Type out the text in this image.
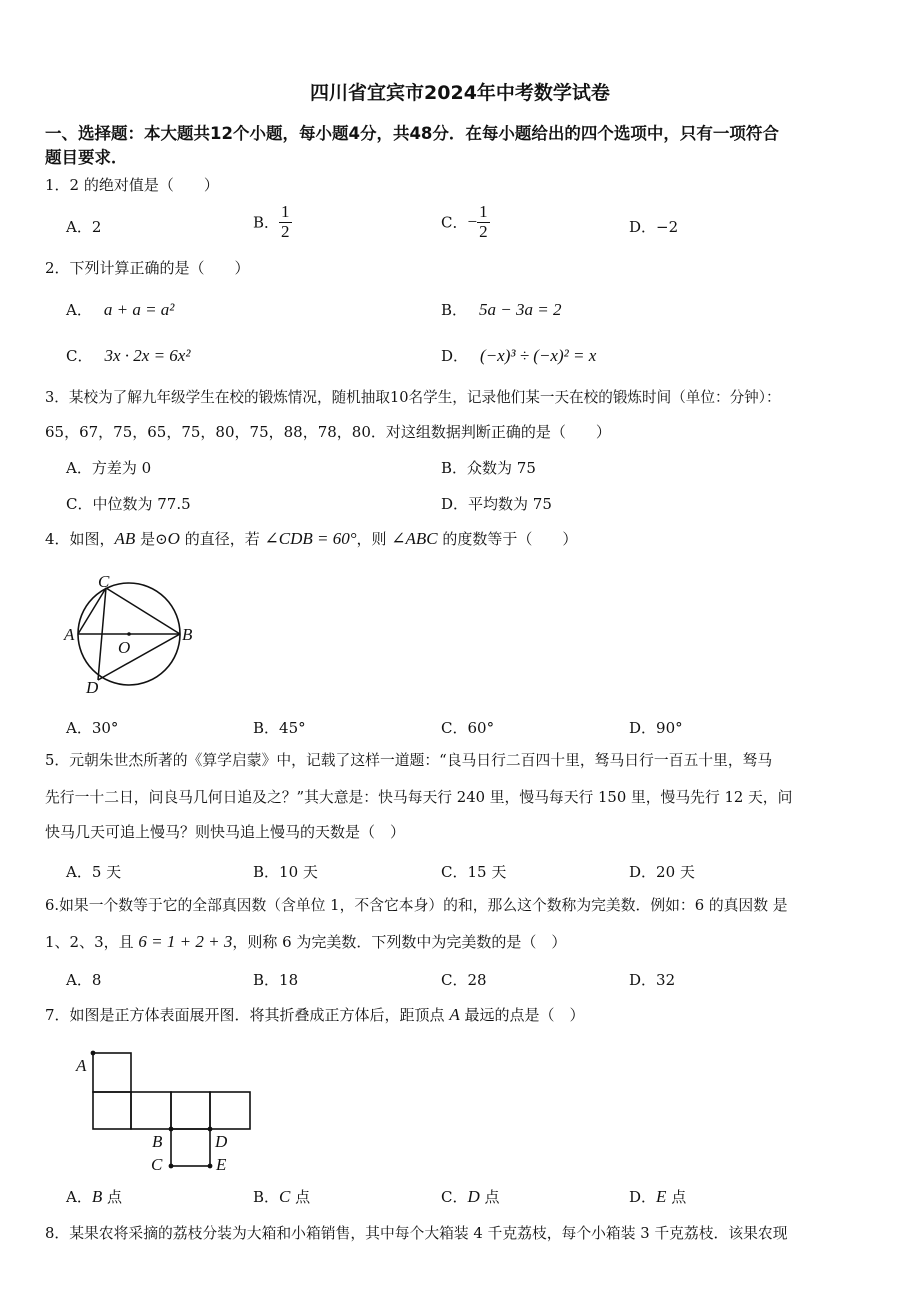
四川省宜宾市2024年中考数学试卷
一、选择题：本大题共12个小题，每小题4分，共48分．在每小题给出的四个选项中，只有一项符合
题目要求．
1．2 的绝对值是（　　）
A．2	B． $\frac{1}{2}$	C．− $\frac{1}{2}$	D．−2
2．下列计算正确的是（　　）
A． a + a = a²	B． 5a − 3a = 2
C． 3x · 2x = 6x²	D． (−x)³ ÷ (−x)² = x
3．某校为了解九年级学生在校的锻炼情况，随机抽取10名学生，记录他们某一天在校的锻炼时间（单位：分钟）：
65，67，75，65，75，80，75，88，78，80．对这组数据判断正确的是（　　）
A．方差为 0	B．众数为 75
C．中位数为 77.5	D．平均数为 75
4．如图，AB 是⊙O 的直径，若 ∠CDB = 60°，则 ∠ABC 的度数等于（　　）
A	B
C
D
O
A．30°	B．45°	C．60°	D．90°
5．元朝朱世杰所著的《算学启蒙》中，记载了这样一道题：“良马日行二百四十里，驽马日行一百五十里，驽马
先行一十二日，问良马几何日追及之？”其大意是：快马每天行 240 里，慢马每天行 150 里，慢马先行 12 天，问
快马几天可追上慢马？则快马追上慢马的天数是（　）
A．5 天	B．10 天	C．15 天	D．20 天
6.如果一个数等于它的全部真因数（含单位 1，不含它本身）的和，那么这个数称为完美数．例如：6 的真因数 是
1、2、3，且 6 = 1 + 2 + 3，则称 6 为完美数．下列数中为完美数的是（　）
A．8	B．18	C．28	D．32
7．如图是正方体表面展开图．将其折叠成正方体后，距顶点 A 最远的点是（　）
A
B	D
C	E
A．B 点	B．C 点	C．D 点	D．E 点
8．某果农将采摘的荔枝分装为大箱和小箱销售，其中每个大箱装 4 千克荔枝，每个小箱装 3 千克荔枝．该果农现
